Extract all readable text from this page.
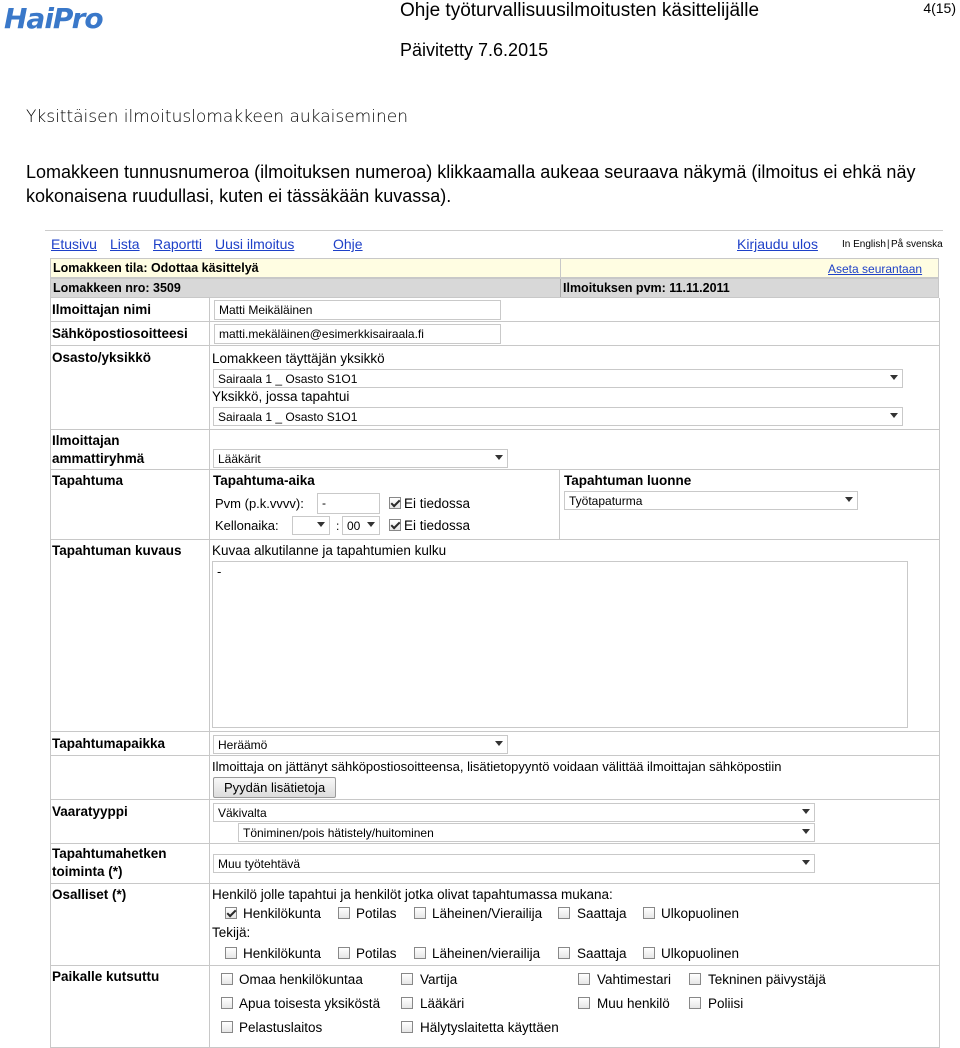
HaiPro	Ohje työturvallisuusilmoitusten käsittelijälle	4(15)
Päivitetty 7.6.2015
Yksittäisen ilmoituslomakkeen aukaiseminen
Lomakkeen tunnusnumeroa (ilmoituksen numeroa) klikkaamalla aukeaa seuraava näkymä (ilmoitus ei ehkä näy kokonaisena ruudullasi, kuten ei tässäkään kuvassa).
Etusivu Lista Raportti Uusi ilmoitus	Ohje	Kirjaudu ulos In English | På svenska
Lomakkeen tila: Odottaa käsittelyä	Aseta seurantaan
Lomakkeen nro: 3509	Ilmoituksen pvm: 11.11.2011
Ilmoittajan nimi	Matti Meikäläinen
Sähköpostiosoitteesi	matti.mekäläinen@esimerkkisairaala.fi
Osasto/yksikkö	Lomakkeen täyttäjän yksikkö
Sairaala 1 _ Osasto S1O1
Yksikkö, jossa tapahtui
Sairaala 1 _ Osasto S1O1
Ilmoittajan
ammattiryhmä	Lääkärit
Tapahtuma	Tapahtuma-aika
Pvm (p.k.vvvv):	-	Ei tiedossa
Kellonaika:	: 00	Ei tiedossa
Tapahtuman luonne
Työtapaturma
Tapahtuman kuvaus Kuvaa alkutilanne ja tapahtumien kulku
-
Tapahtumapaikka	Heräämö
Ilmoittaja on jättänyt sähköpostiosoitteensa, lisätietopyyntö voidaan välittää ilmoittajan sähköpostiin
Pyydän lisätietoja
Vaaratyyppi	Väkivalta
Töniminen/pois hätistely/huitominen
Tapahtumahetken
toiminta (*)	Muu työtehtävä
Osalliset (*)	Henkilö jolle tapahtui ja henkilöt jotka olivat tapahtumassa mukana:
Henkilökunta	Potilas	Läheinen/Vierailija	Saattaja	Ulkopuolinen
Tekijä:
Henkilökunta	Potilas	Läheinen/vierailija	Saattaja	Ulkopuolinen
Paikalle kutsuttu	Omaa henkilökuntaa	Vartija	Vahtimestari	Tekninen päivystäjä
Apua toisesta yksiköstä	Lääkäri	Muu henkilö	Poliisi
Pelastuslaitos	Hälytyslaitetta käyttäen
